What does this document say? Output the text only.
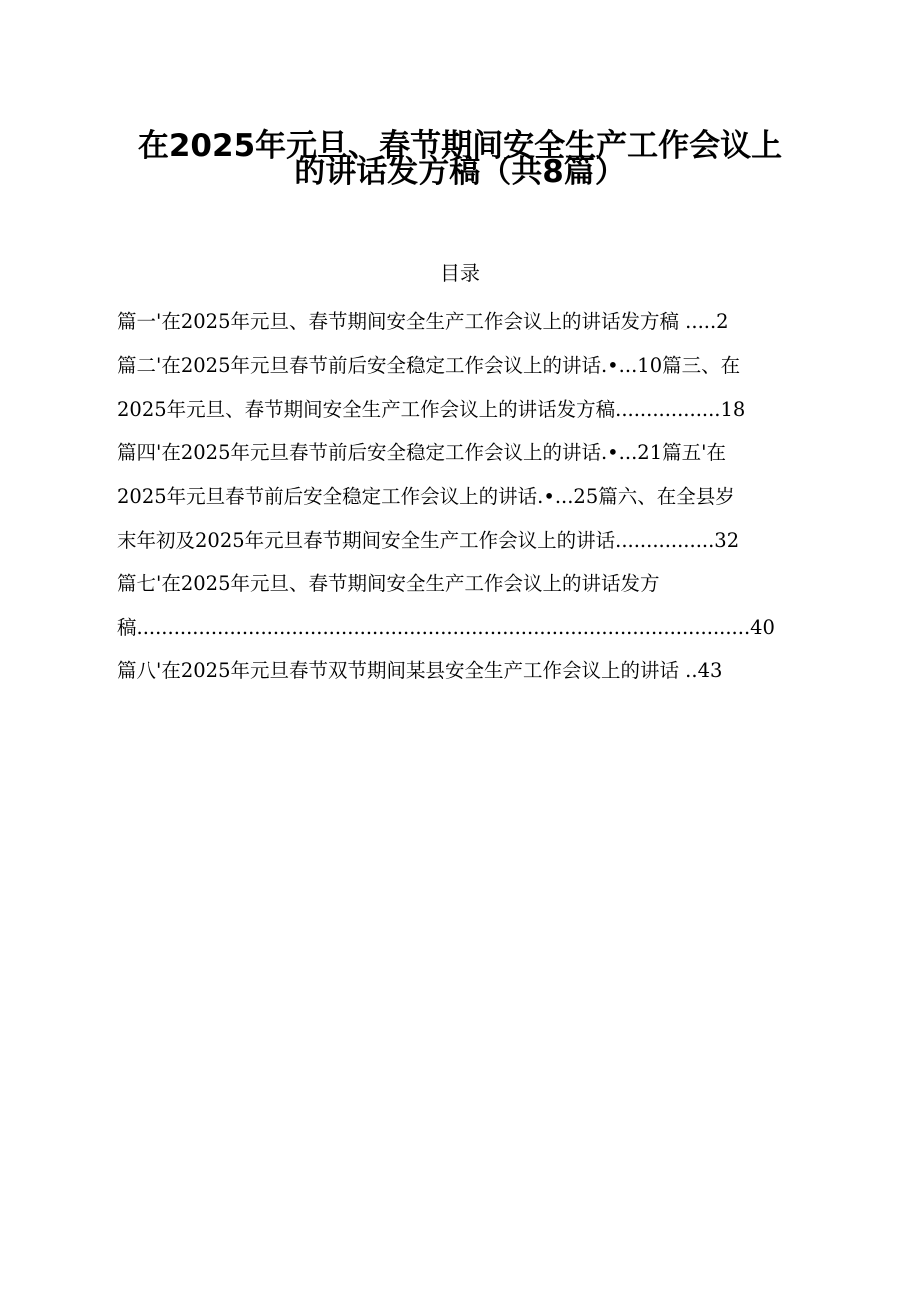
在2025年元旦、春节期间安全生产工作会议上
的讲话发方稿（共8篇）
目录
篇一'在2025年元旦、春节期间安全生产工作会议上的讲话发方稿 .....2
篇二'在2025年元旦春节前后安全稳定工作会议上的讲话.•...10篇三、在
2025年元旦、春节期间安全生产工作会议上的讲话发方稿.................18
篇四'在2025年元旦春节前后安全稳定工作会议上的讲话.•...21篇五'在
2025年元旦春节前后安全稳定工作会议上的讲话.•...25篇六、在全县岁
末年初及2025年元旦春节期间安全生产工作会议上的讲话................32
篇七'在2025年元旦、春节期间安全生产工作会议上的讲话发方
稿...................................................................................................40
篇八'在2025年元旦春节双节期间某县安全生产工作会议上的讲话 ..43
